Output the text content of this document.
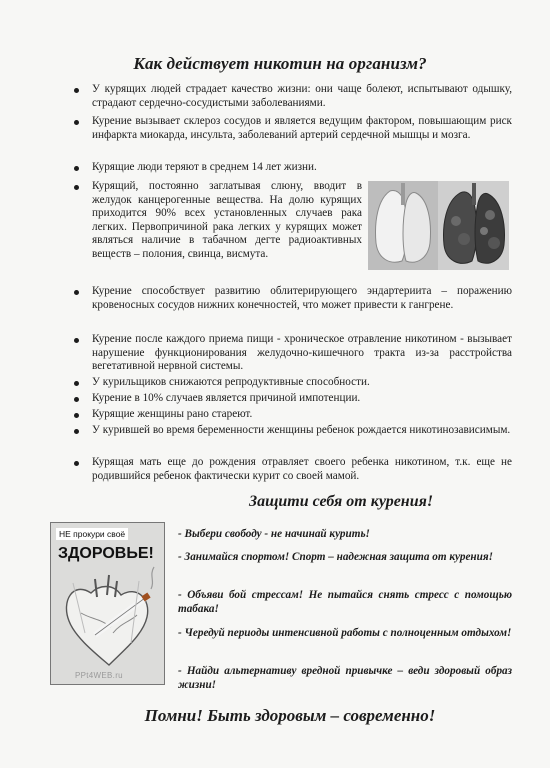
Как действует никотин на организм?
У курящих людей страдает качество жизни: они чаще болеют, испытывают одышку, страдают сердечно-сосудистыми заболеваниями.
Курение вызывает склероз сосудов и является ведущим фактором, повышающим риск инфаркта миокарда, инсульта, заболеваний артерий сердечной мышцы и мозга.
Курящие люди теряют в среднем 14 лет жизни.
Курящий, постоянно заглатывая слюну, вводит в желудок канцерогенные вещества. На долю курящих приходится 90% всех установленных случаев рака легких. Первопричиной рака легких у курящих может являться наличие в табачном дегте радиоактивных веществ – полония, свинца, висмута.
Курение способствует развитию облитерирующего эндартериита – поражению кровеносных сосудов нижних конечностей, что может привести к гангрене.
Курение после каждого приема пищи - хроническое отравление никотином - вызывает нарушение функционирования желудочно-кишечного тракта из-за расстройства вегетативной нервной системы.
У курильщиков снижаются репродуктивные способности.
Курение в 10% случаев является причиной импотенции.
Курящие женщины рано стареют.
У курившей во время беременности женщины ребенок рождается никотинозависимым.
Курящая мать еще до рождения отравляет своего ребенка никотином, т.к. еще не родившийся ребенок фактически курит со своей мамой.
Защити себя от курения!
НЕ прокури своё
ЗДОРОВЬЕ!
PPt4WEB.ru
- Выбери свободу - не начинай курить!
- Занимайся спортом! Спорт – надежная защита от курения!
- Объяви бой стрессам! Не пытайся снять стресс с помощью табака!
- Чередуй периоды интенсивной работы с полноценным отдыхом!
- Найди альтернативу вредной привычке – веди здоровый образ жизни!
Помни! Быть здоровым – современно!
